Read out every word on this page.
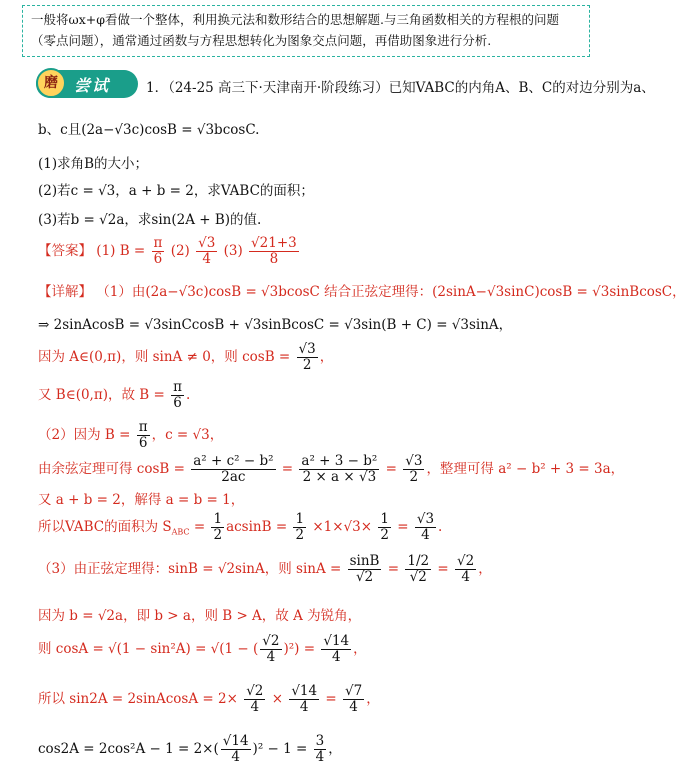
一般将ωx+φ看做一个整体，利用换元法和数形结合的思想解题.与三角函数相关的方程根的问题（零点问题），通常通过函数与方程思想转化为图象交点问题，再借助图象进行分析.
磨	尝试	1．（24-25 高三下·天津南开·阶段练习）已知VABC的内角A、B、C的对边分别为a、
b、c且(2a−√3c)cosB = √3bcosC.
(1)求角B的大小；
(2)若c = √3，a + b = 2，求VABC的面积；
(3)若b = √2a，求sin(2A + B)的值.
【答案】 (1) $B = \frac{\pi}{6} (2) \frac{√3}{4} (3) \frac{√21+3}{8}$
【详解】 （1）由(2a−√3c)cosB = √3bcosC 结合正弦定理得：(2sinA−√3sinC)cosB = √3sinBcosC，
⇒ 2sinAcosB = √3sinCcosB + √3sinBcosC = √3sin(B + C) = √3sinA，
因为 A∈(0,π)，则 sinA ≠ 0，则 $\cos B = \frac{√3}{2}$ ，
又 B∈(0,π)，故 $B = \frac{\pi}{6}$ .
（2）因为 $B = \frac{\pi}{6}$ ，c = √3，
由余弦定理可得 $\cos B = \frac{\text{a² + c² − b²}}{2ac} = \frac{\text{a² + 3 − b²}}{2 \times a \times √3} = \frac{√3}{2}$ ，整理可得 a² − b² + 3 = 3a，
又 a + b = 2，解得 a = b = 1，
所以VABC的面积为 $S_{ABC} = \frac{1}{2}$ $acsinB = \frac{1}{2} \times 1\times√3\times \frac{1}{2} = \frac{√3}{4}$ .
（3）由正弦定理得：sinB = √2sinA，则 $\sin A = \frac{\sin B}{√2} = \frac{1/2}{√2} = \frac{√2}{4}$ ，
因为 b = √2a，即 b > a，则 B > A，故 A 为锐角，
则 cosA = √(1 − sin²A) = √(1 − ( $\frac{√2}{4} )^2) = \frac{√14}{4}$ ，
所以 sin2A = 2sinAcosA = $2\times \frac{√2}{4} \times \frac{√14}{4} = \frac{√7}{4}$ ，
$\cos 2A = 2\cos^2A - 1 = 2\times( \frac{√14}{4} )^2 - 1 = \frac{3}{4}$ ，
